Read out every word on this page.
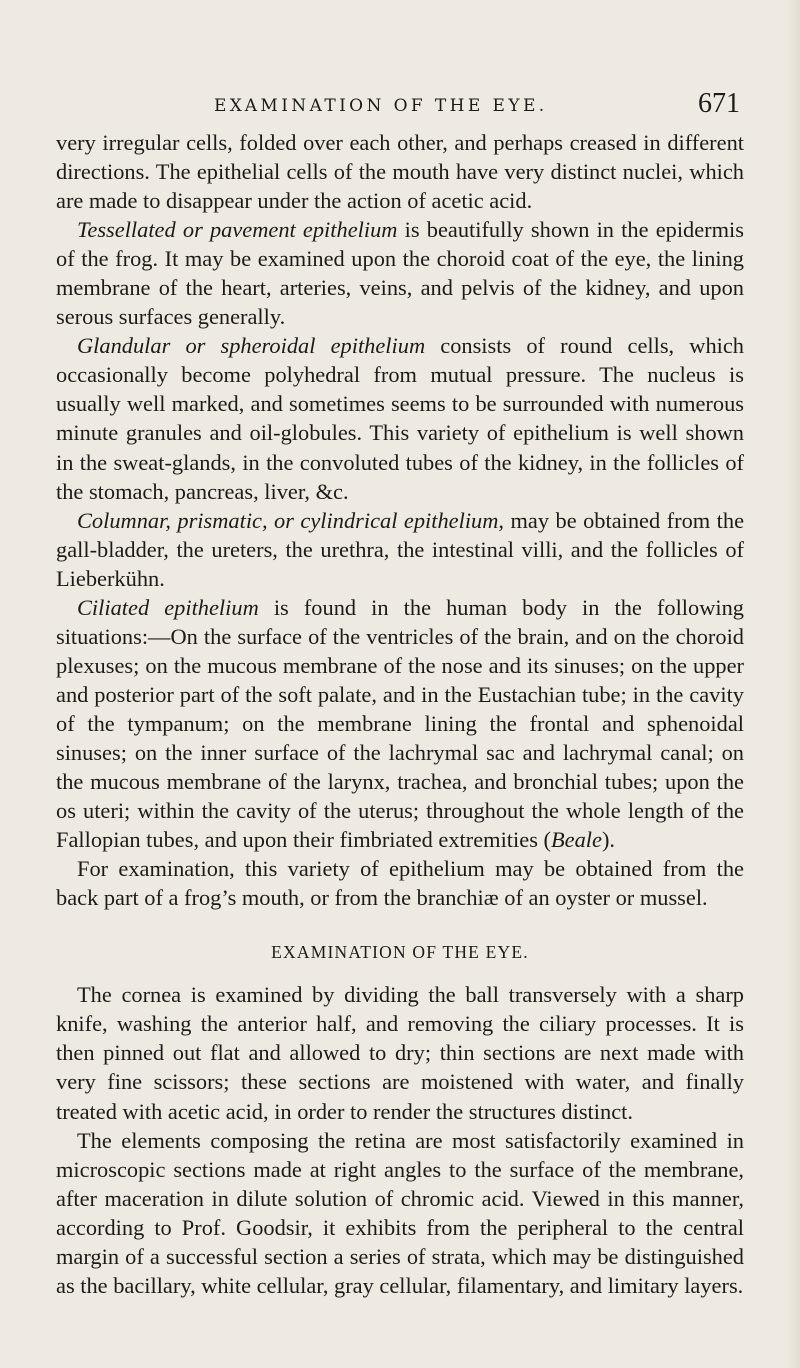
EXAMINATION OF THE EYE.	671

very irregular cells, folded over each other, and perhaps creased in different directions. The epithelial cells of the mouth have very distinct nuclei, which are made to disappear under the action of acetic acid.

Tessellated or pavement epithelium is beautifully shown in the epidermis of the frog. It may be examined upon the choroid coat of the eye, the lining membrane of the heart, arteries, veins, and pelvis of the kidney, and upon serous surfaces generally.

Glandular or spheroidal epithelium consists of round cells, which occasionally become polyhedral from mutual pressure. The nucleus is usually well marked, and sometimes seems to be surrounded with numerous minute granules and oil-globules. This variety of epithelium is well shown in the sweat-glands, in the convoluted tubes of the kidney, in the follicles of the stomach, pancreas, liver, &c.

Columnar, prismatic, or cylindrical epithelium, may be obtained from the gall-bladder, the ureters, the urethra, the intestinal villi, and the follicles of Lieberkühn.

Ciliated epithelium is found in the human body in the following situations:—On the surface of the ventricles of the brain, and on the choroid plexuses; on the mucous membrane of the nose and its sinuses; on the upper and posterior part of the soft palate, and in the Eustachian tube; in the cavity of the tympanum; on the membrane lining the frontal and sphenoidal sinuses; on the inner surface of the lachrymal sac and lachrymal canal; on the mucous membrane of the larynx, trachea, and bronchial tubes; upon the os uteri; within the cavity of the uterus; throughout the whole length of the Fallopian tubes, and upon their fimbriated extremities (Beale).

For examination, this variety of epithelium may be obtained from the back part of a frog’s mouth, or from the branchiæ of an oyster or mussel.

EXAMINATION OF THE EYE.

The cornea is examined by dividing the ball transversely with a sharp knife, washing the anterior half, and removing the ciliary processes. It is then pinned out flat and allowed to dry; thin sections are next made with very fine scissors; these sections are moistened with water, and finally treated with acetic acid, in order to render the structures distinct.

The elements composing the retina are most satisfactorily examined in microscopic sections made at right angles to the surface of the membrane, after maceration in dilute solution of chromic acid. Viewed in this manner, according to Prof. Goodsir, it exhibits from the peripheral to the central margin of a successful section a series of strata, which may be distinguished as the bacillary, white cellular, gray cellular, filamentary, and limitary layers.
